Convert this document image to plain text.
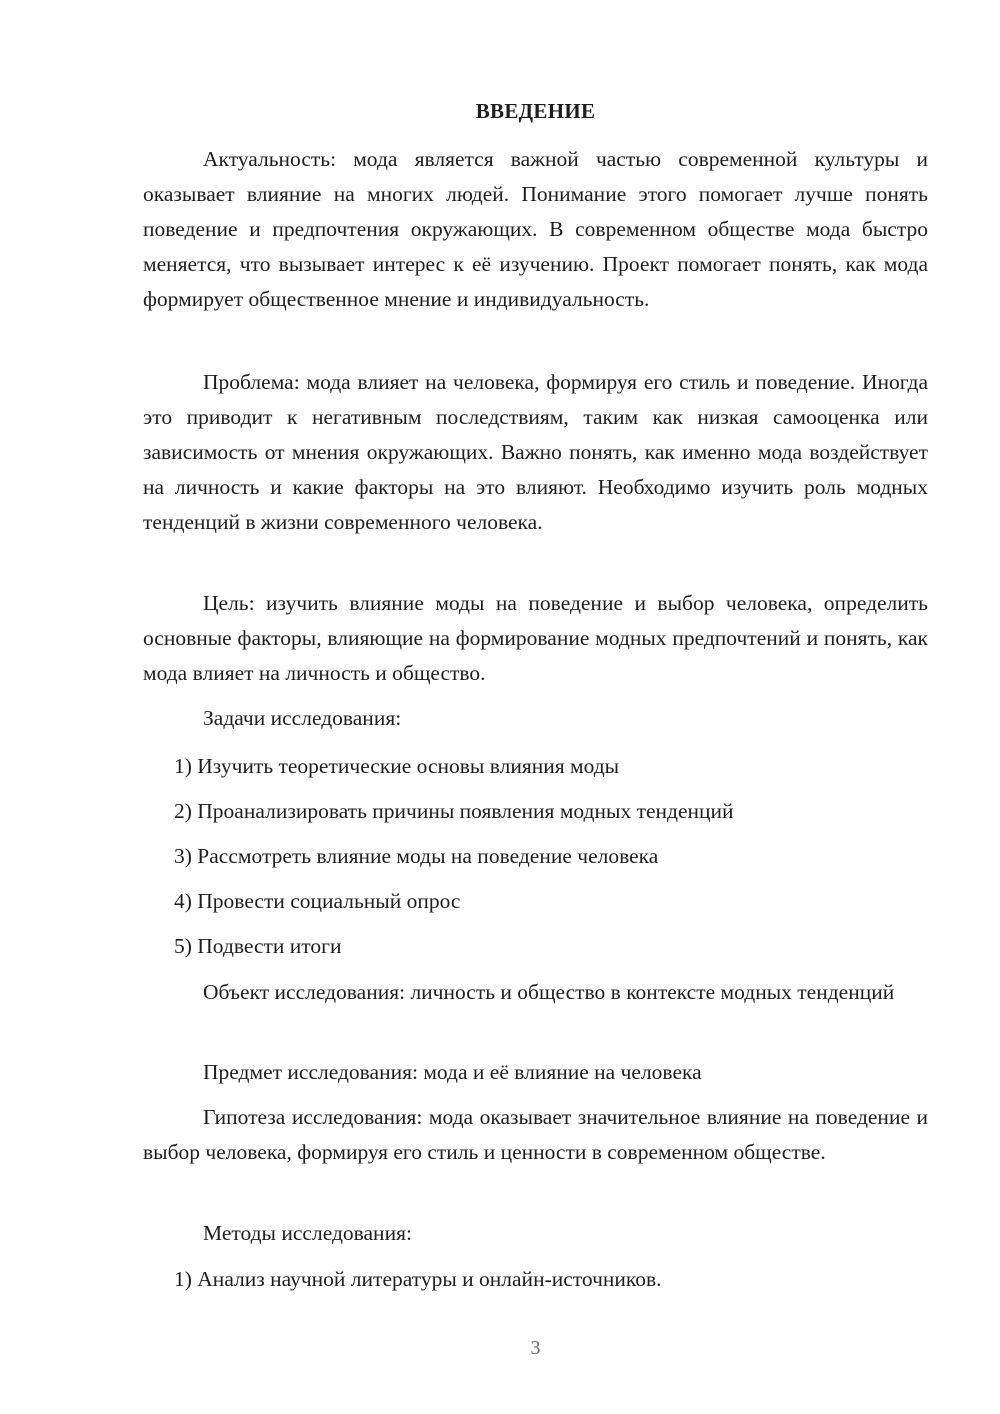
ВВЕДЕНИЕ

Актуальность: мода является важной частью современной культуры и оказывает влияние на многих людей. Понимание этого помогает лучше понять поведение и предпочтения окружающих. В современном обществе мода быстро меняется, что вызывает интерес к её изучению. Проект помогает понять, как мода формирует общественное мнение и индивидуальность.

Проблема: мода влияет на человека, формируя его стиль и поведение. Иногда это приводит к негативным последствиям, таким как низкая самооценка или зависимость от мнения окружающих. Важно понять, как именно мода воздействует на личность и какие факторы на это влияют. Необходимо изучить роль модных тенденций в жизни современного человека.

Цель: изучить влияние моды на поведение и выбор человека, определить основные факторы, влияющие на формирование модных предпочтений и понять, как мода влияет на личность и общество.

Задачи исследования:

1) Изучить теоретические основы влияния моды

2) Проанализировать причины появления модных тенденций

3) Рассмотреть влияние моды на поведение человека

4) Провести социальный опрос

5) Подвести итоги

Объект исследования: личность и общество в контексте модных тенденций

Предмет исследования: мода и её влияние на человека

Гипотеза исследования: мода оказывает значительное влияние на поведение и выбор человека, формируя его стиль и ценности в современном обществе.

Методы исследования:

1) Анализ научной литературы и онлайн-источников.

3
